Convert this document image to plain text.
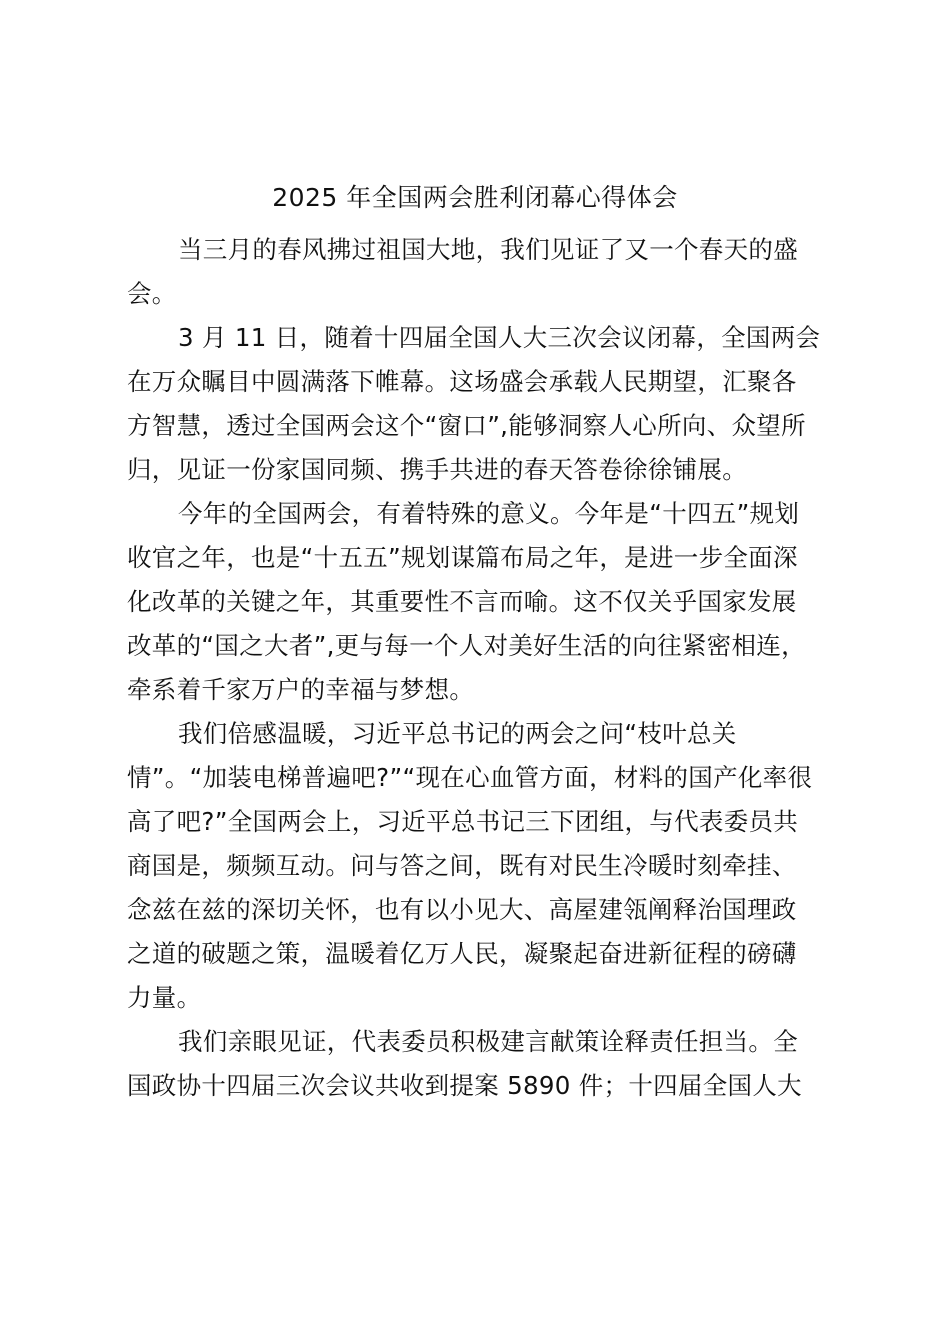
2025 年全国两会胜利闭幕心得体会
当三月的春风拂过祖国大地，我们见证了又一个春天的盛
会。
3 月 11 日，随着十四届全国人大三次会议闭幕，全国两会
在万众瞩目中圆满落下帷幕。这场盛会承载人民期望，汇聚各
方智慧，透过全国两会这个“窗口”,能够洞察人心所向、众望所
归，见证一份家国同频、携手共进的春天答卷徐徐铺展。
今年的全国两会，有着特殊的意义。今年是“十四五”规划
收官之年，也是“十五五”规划谋篇布局之年，是进一步全面深
化改革的关键之年，其重要性不言而喻。这不仅关乎国家发展
改革的“国之大者”,更与每一个人对美好生活的向往紧密相连，
牵系着千家万户的幸福与梦想。
我们倍感温暖，习近平总书记的两会之问“枝叶总关
情”。“加装电梯普遍吧?”“现在心血管方面，材料的国产化率很
高了吧?”全国两会上，习近平总书记三下团组，与代表委员共
商国是，频频互动。问与答之间，既有对民生冷暖时刻牵挂、
念兹在兹的深切关怀，也有以小见大、高屋建瓴阐释治国理政
之道的破题之策，温暖着亿万人民，凝聚起奋进新征程的磅礴
力量。
我们亲眼见证，代表委员积极建言献策诠释责任担当。全
国政协十四届三次会议共收到提案 5890 件；十四届全国人大
